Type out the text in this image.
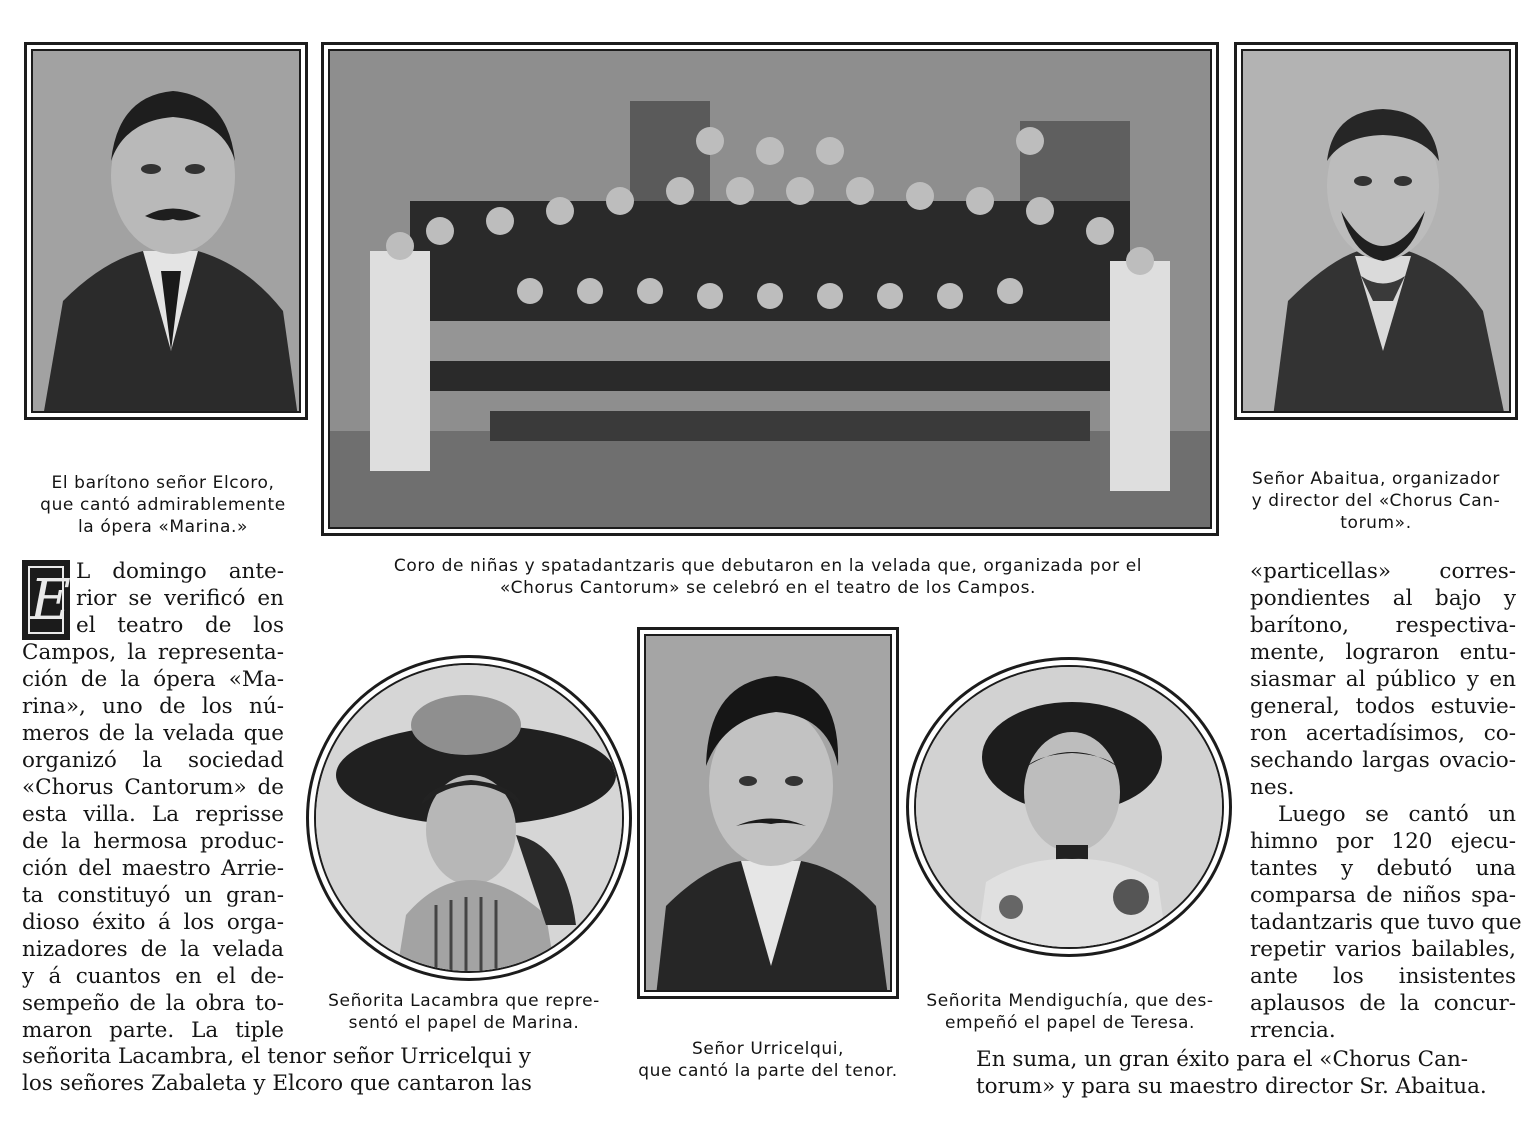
El barítono señor Elcoro,
que cantó admirablemente
la ópera «Marina.»
Coro de niñas y spatadantzaris que debutaron en la velada que, organizada por el
«Chorus Cantorum» se celebró en el teatro de los Campos.
Señor Abaitua, organizador
y director del «Chorus Can-
torum».
Señorita Lacambra que repre-
sentó el papel de Marina.
Señor Urricelqui,
que cantó la parte del tenor.
Señorita Mendiguchía, que des-
empeñó el papel de Teresa.
E L domingo ante-
rior se verificó en
el teatro de los
Campos, la representa-
ción de la ópera «Ma-
rina», uno de los nú-
meros de la velada que
organizó la sociedad
«Chorus Cantorum» de
esta villa. La reprisse
de la hermosa produc-
ción del maestro Arrie-
ta constituyó un gran-
dioso éxito á los orga-
nizadores de la velada
y á cuantos en el de-
sempeño de la obra to-
maron parte. La tiple
señorita Lacambra, el tenor señor Urricelqui y
los señores Zabaleta y Elcoro que cantaron las
«particellas» corres-
pondientes al bajo y
barítono, respectiva-
mente, lograron entu-
siasmar al público y en
general, todos estuvie-
ron acertadísimos, co-
sechando largas ovacio-
nes.
Luego se cantó un
himno por 120 ejecu-
tantes y debutó una
comparsa de niños spa-
tadantzaris que tuvo que
repetir varios bailables,
ante los insistentes
aplausos de la concur-
rrencia.
En suma, un gran éxito para el «Chorus Can-
torum» y para su maestro director Sr. Abaitua.
